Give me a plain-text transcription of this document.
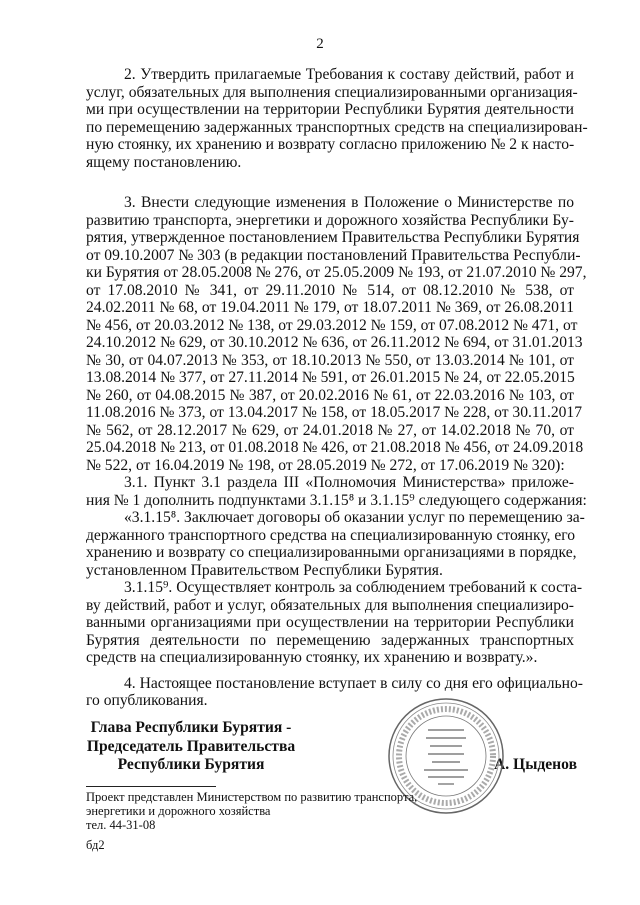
2
2. Утвердить прилагаемые Требования к составу действий, работ и
услуг, обязательных для выполнения специализированными организация-
ми при осуществлении на территории Республики Бурятия деятельности
по перемещению задержанных транспортных средств на специализирован-
ную стоянку, их хранению и возврату согласно приложению № 2 к насто-
ящему постановлению.
3. Внести следующие изменения в Положение о Министерстве по
развитию транспорта, энергетики и дорожного хозяйства Республики Бу-
рятия, утвержденное постановлением Правительства Республики Бурятия
от 09.10.2007 № 303 (в редакции постановлений Правительства Республи-
ки Бурятия от 28.05.2008 № 276, от 25.05.2009 № 193, от 21.07.2010 № 297,
от 17.08.2010 № 341, от 29.11.2010 № 514, от 08.12.2010 № 538, от
24.02.2011 № 68, от 19.04.2011 № 179, от 18.07.2011 № 369, от 26.08.2011
№ 456, от 20.03.2012 № 138, от 29.03.2012 № 159, от 07.08.2012 № 471, от
24.10.2012 № 629, от 30.10.2012 № 636, от 26.11.2012 № 694, от 31.01.2013
№ 30, от 04.07.2013 № 353, от 18.10.2013 № 550, от 13.03.2014 № 101, от
13.08.2014 № 377, от 27.11.2014 № 591, от 26.01.2015 № 24, от 22.05.2015
№ 260, от 04.08.2015 № 387, от 20.02.2016 № 61, от 22.03.2016 № 103, от
11.08.2016 № 373, от 13.04.2017 № 158, от 18.05.2017 № 228, от 30.11.2017
№ 562, от 28.12.2017 № 629, от 24.01.2018 № 27, от 14.02.2018 № 70, от
25.04.2018 № 213, от 01.08.2018 № 426, от 21.08.2018 № 456, от 24.09.2018
№ 522, от 16.04.2019 № 198, от 28.05.2019 № 272, от 17.06.2019 № 320):
3.1. Пункт 3.1 раздела III «Полномочия Министерства» приложе-
ния № 1 дополнить подпунктами 3.1.15⁸ и 3.1.15⁹ следующего содержания:
«3.1.15⁸. Заключает договоры об оказании услуг по перемещению за-
держанного транспортного средства на специализированную стоянку, его
хранению и возврату со специализированными организациями в порядке,
установленном Правительством Республики Бурятия.
3.1.15⁹. Осуществляет контроль за соблюдением требований к соста-
ву действий, работ и услуг, обязательных для выполнения специализиро-
ванными организациями при осуществлении на территории Республики
Бурятия деятельности по перемещению задержанных транспортных
средств на специализированную стоянку, их хранению и возврату.».
4. Настоящее постановление вступает в силу со дня его официально-
го опубликования.
Глава Республики Бурятия -
Председатель Правительства
Республики Бурятия	А. Цыденов
Проект представлен Министерством по развитию транспорта,
энергетики и дорожного хозяйства
тел. 44-31-08
бд2
